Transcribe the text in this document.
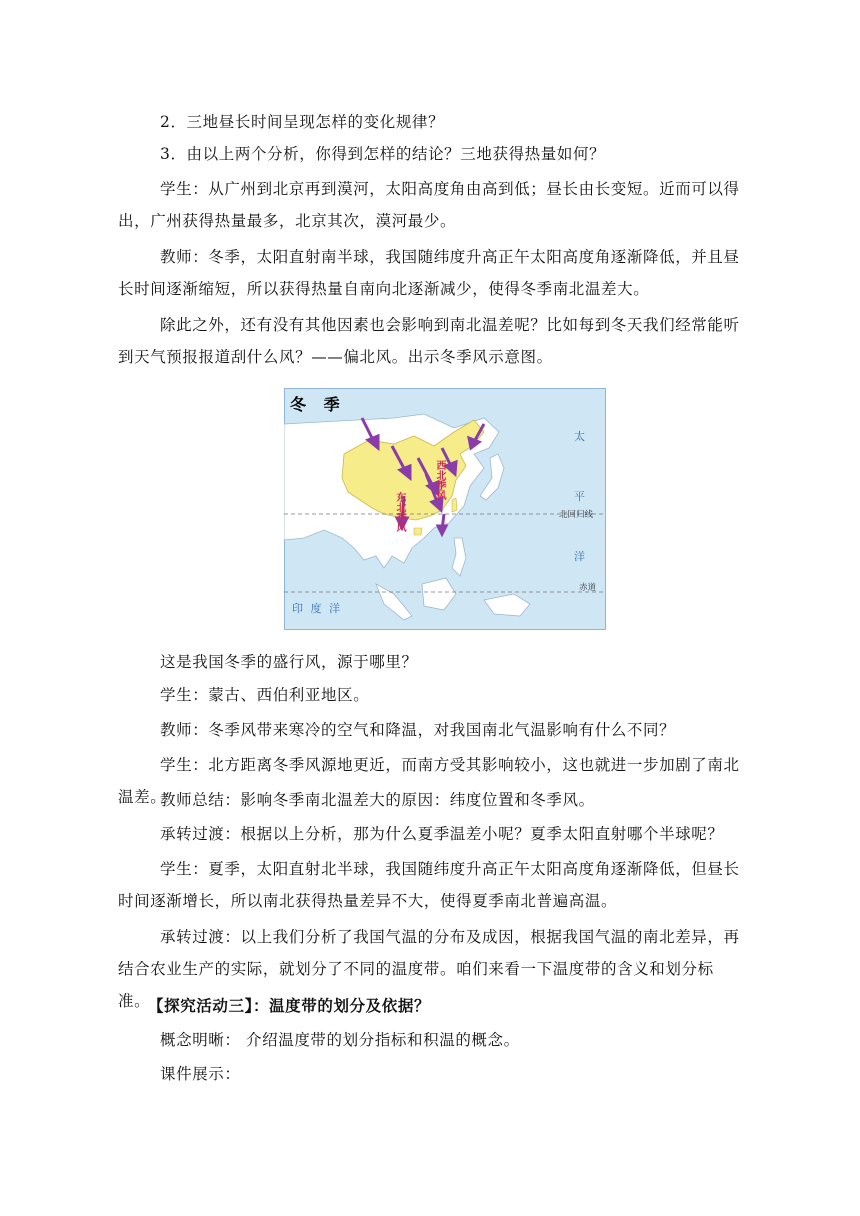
2．三地昼长时间呈现怎样的变化规律？

3．由以上两个分析，你得到怎样的结论？三地获得热量如何？

学生：从广州到北京再到漠河，太阳高度角由高到低；昼长由长变短。近而可以得出，广州获得热量最多，北京其次，漠河最少。

教师：冬季，太阳直射南半球，我国随纬度升高正午太阳高度角逐渐降低，并且昼长时间逐渐缩短，所以获得热量自南向北逐渐减少，使得冬季南北温差大。

除此之外，还有没有其他因素也会影响到南北温差呢？比如每到冬天我们经常能听到天气预报报道刮什么风？——偏北风。出示冬季风示意图。

冬 季
太
平
洋
印 度 洋
北回归线
赤道
西北季风
东北季风

这是我国冬季的盛行风，源于哪里？

学生：蒙古、西伯利亚地区。

教师：冬季风带来寒冷的空气和降温，对我国南北气温影响有什么不同？

学生：北方距离冬季风源地更近，而南方受其影响较小，这也就进一步加剧了南北温差。

教师总结：影响冬季南北温差大的原因：纬度位置和冬季风。

承转过渡：根据以上分析，那为什么夏季温差小呢？夏季太阳直射哪个半球呢？

学生：夏季，太阳直射北半球，我国随纬度升高正午太阳高度角逐渐降低，但昼长时间逐渐增长，所以南北获得热量差异不大，使得夏季南北普遍高温。

承转过渡：以上我们分析了我国气温的分布及成因，根据我国气温的南北差异，再结合农业生产的实际，就划分了不同的温度带。咱们来看一下温度带的含义和划分标准。

【探究活动三】：温度带的划分及依据？

概念明晰： 介绍温度带的划分指标和积温的概念。

课件展示：
